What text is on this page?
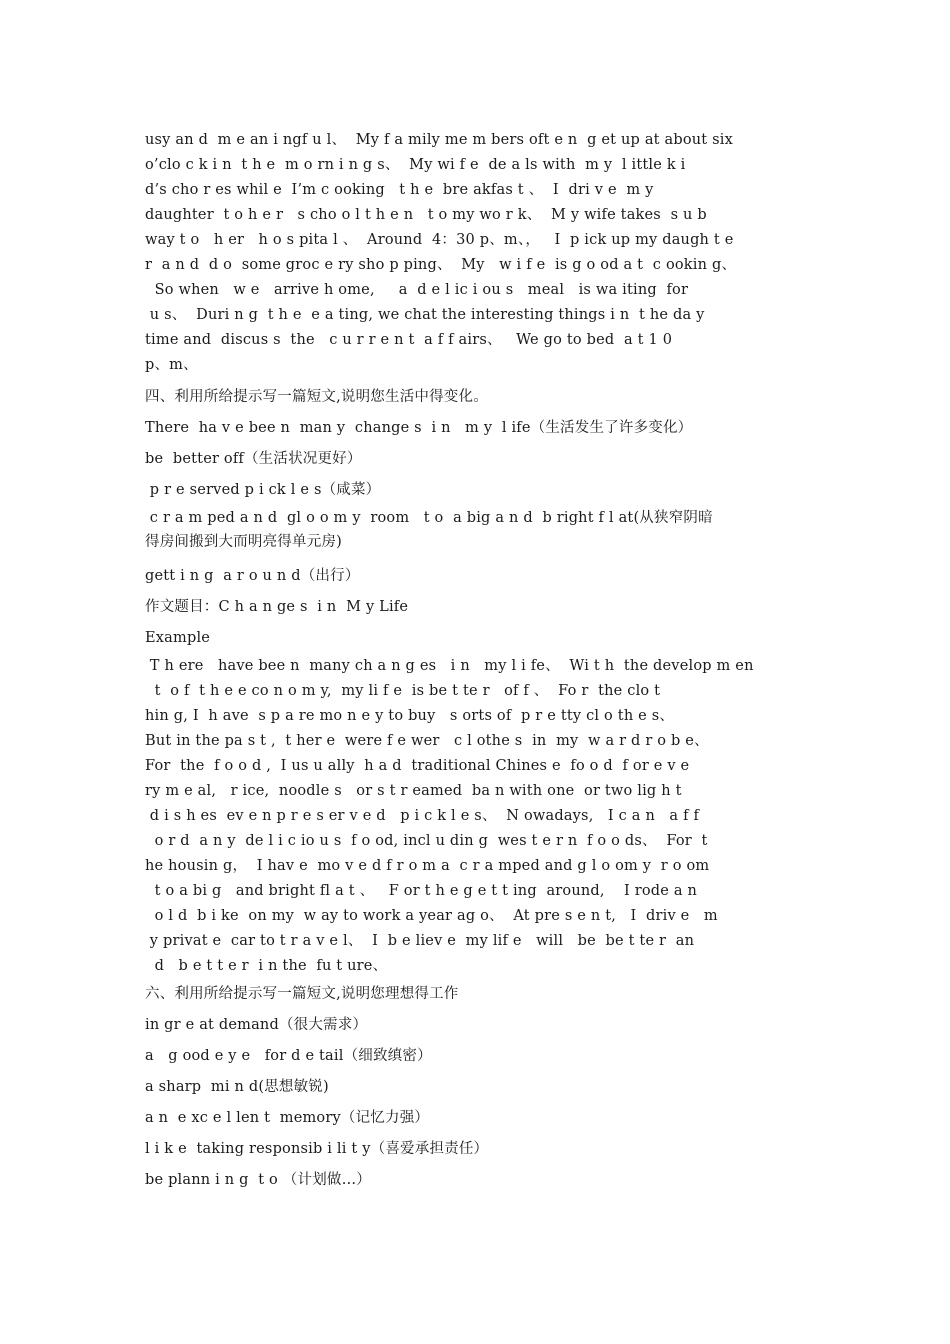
usy an d  m e an i ngf u l、  My f a mily me m bers oft e n  g et up at about six
o’clo c k i n  t h e  m o rn i n g s、  My wi f e  de a ls with  m y  l ittle k i
d’s cho r es whil e  I’m c ooking   t h e  bre akfas t 、  I  dri v e  m y
daughter  t o h e r   s cho o l t h e n   t o my wo r k、  M y wife takes  s u b
way t o   h er   h o s pita l 、  Around  4：30 p、m、，   I  p ick up my daugh t e
r  a n d  d o  some groc e ry sho p ping、  My   w i f e  is g o od a t  c ookin g、
So when   w e   arrive h ome,     a  d e l ic i ou s   meal   is wa iting  for
u s、  Duri n g  t h e  e a ting, we chat the interesting things i n  t he da y
time and  discus s  the   c u r r e n t  a f f airs、   We go to bed  a t 1 0
p、m、
四、利用所给提示写一篇短文,说明您生活中得变化。
There  ha v e bee n  man y  change s  i n   m y  l ife（生活发生了许多变化）
be  better off（生活状况更好）
p r e served p i ck l e s（咸菜）
c r a m ped a n d  gl o o m y  room   t o  a big a n d  b right f l at(从狭窄阴暗
得房间搬到大而明亮得单元房)
gett i n g  a r o u n d（出行）
作文题目：C h a n ge s  i n  M y Life
Example
T h ere   have bee n  many ch a n g es   i n   my l i fe、  Wi t h  the develop m en
t  o f  t h e e co n o m y,  my li f e  is be t te r   of f 、  Fo r  the clo t
hin g, I  h ave  s p a re mo n e y to buy   s orts of  p r e tty cl o th e s、
But in the pa s t ,  t her e  were f e wer   c l othe s  in  my  w a r d r o b e、
For  the  f o o d ,  I us u ally  h a d  traditional Chines e  fo o d  f or e v e
ry m e al,   r ice,  noodle s   or s t r eamed  ba n with one  or two lig h t
d i s h es  ev e n p r e s er v e d   p i c k l e s、  N owadays,   I c a n   a f f
o r d  a n y  de l i c io u s  f o od, incl u din g  wes t e r n  f o o ds、  For  t
he housin g，  I hav e  mo v e d f r o m a  c r a mped and g l o om y  r o om
t o a bi g   and bright fl a t 、   F or t h e g e t t ing  around,    I rode a n
o l d  b i ke  on my  w ay to work a year ag o、  At pre s e n t,   I  driv e   m
y privat e  car to t r a v e l、  I  b e liev e  my lif e   will   be  be t te r  an
d   b e t t e r  i n the  fu t ure、
六、利用所给提示写一篇短文,说明您理想得工作
in gr e at demand（很大需求）
a   g ood e y e   for d e tail（细致缜密）
a sharp  mi n d(思想敏锐)
a n  e xc e l len t  memory（记忆力强）
l i k e  taking responsib i li t y（喜爱承担责任）
be plann i n g  t o （计划做…）
